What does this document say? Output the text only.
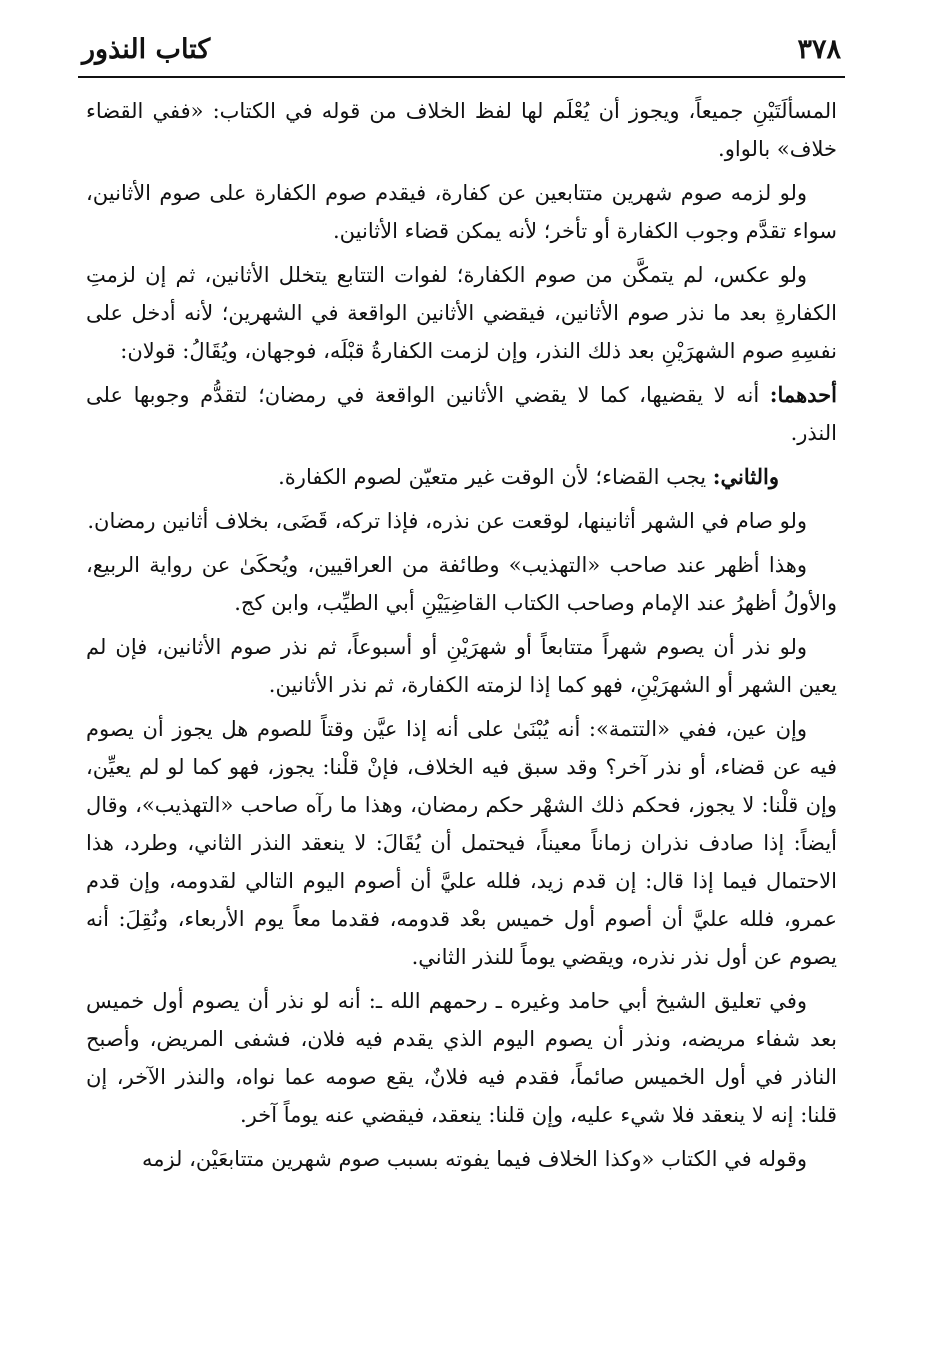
٣٧٨
كتاب النذور

المسألَتَيْنِ جميعاً، ويجوز أن يُعْلَم لها لفظ الخلاف من قوله في الكتاب: «ففي القضاء خلاف» بالواو.

ولو لزمه صوم شهرين متتابعين عن كفارة، فيقدم صوم الكفارة على صوم الأثانين، سواء تقدَّم وجوب الكفارة أو تأخر؛ لأنه يمكن قضاء الأثانين.

ولو عكس، لم يتمكَّن من صوم الكفارة؛ لفوات التتابع يتخلل الأثانين، ثم إن لزمتِ الكفارةِ بعد ما نذر صوم الأثانين، فيقضي الأثانين الواقعة في الشهرين؛ لأنه أدخل على نفسِهِ صوم الشهرَيْنِ بعد ذلك النذر، وإن لزمت الكفارةُ قبْلَه، فوجهان، ويُقَالُ: قولان:

أحدهما: أنه لا يقضيها، كما لا يقضي الأثانين الواقعة في رمضان؛ لتقدُّم وجوبها على النذر.

والثاني: يجب القضاء؛ لأن الوقت غير متعيّن لصوم الكفارة.

ولو صام في الشهر أثانينها، لوقعت عن نذره، فإذا تركه، قَضَى، بخلاف أثانين رمضان.

وهذا أظهر عند صاحب «التهذيب» وطائفة من العراقيين، ويُحكَىٰ عن رواية الربيع، والأولُ أظهرُ عند الإمام وصاحب الكتاب القاضِيَيْنِ أبي الطيِّب، وابن كج.

ولو نذر أن يصوم شهراً متتابعاً أو شهرَيْنِ أو أسبوعاً، ثم نذر صوم الأثانين، فإن لم يعين الشهر أو الشهرَيْنِ، فهو كما إذا لزمته الكفارة، ثم نذر الأثانين.

وإن عين، ففي «التتمة»: أنه يُبْنَىٰ على أنه إذا عيَّن وقتاً للصوم هل يجوز أن يصوم فيه عن قضاء، أو نذر آخر؟ وقد سبق فيه الخلاف، فإنْ قلْنا: يجوز، فهو كما لو لم يعيِّن، وإن قلْنا: لا يجوز، فحكم ذلك الشهْر حكم رمضان، وهذا ما رآه صاحب «التهذيب»، وقال أيضاً: إذا صادف نذران زماناً معيناً، فيحتمل أن يُقَالَ: لا ينعقد النذر الثاني، وطرد، هذا الاحتمال فيما إذا قال: إن قدم زيد، فلله عليَّ أن أصوم اليوم التالي لقدومه، وإن قدم عمرو، فلله عليَّ أن أصوم أول خميس بعْد قدومه، فقدما معاً يوم الأربعاء، ونُقِلَ: أنه يصوم عن أول نذر نذره، ويقضي يوماً للنذر الثاني.

وفي تعليق الشيخ أبي حامد وغيره ـ رحمهم الله ـ: أنه لو نذر أن يصوم أول خميس بعد شفاء مريضه، ونذر أن يصوم اليوم الذي يقدم فيه فلان، فشفى المريض، وأصبح الناذر في أول الخميس صائماً، فقدم فيه فلانٌ، يقع صومه عما نواه، والنذر الآخر، إن قلنا: إنه لا ينعقد فلا شيء عليه، وإن قلنا: ينعقد، فيقضي عنه يوماً آخر.

وقوله في الكتاب «وكذا الخلاف فيما يفوته بسبب صوم شهرين متتابعَيْن، لزمه
